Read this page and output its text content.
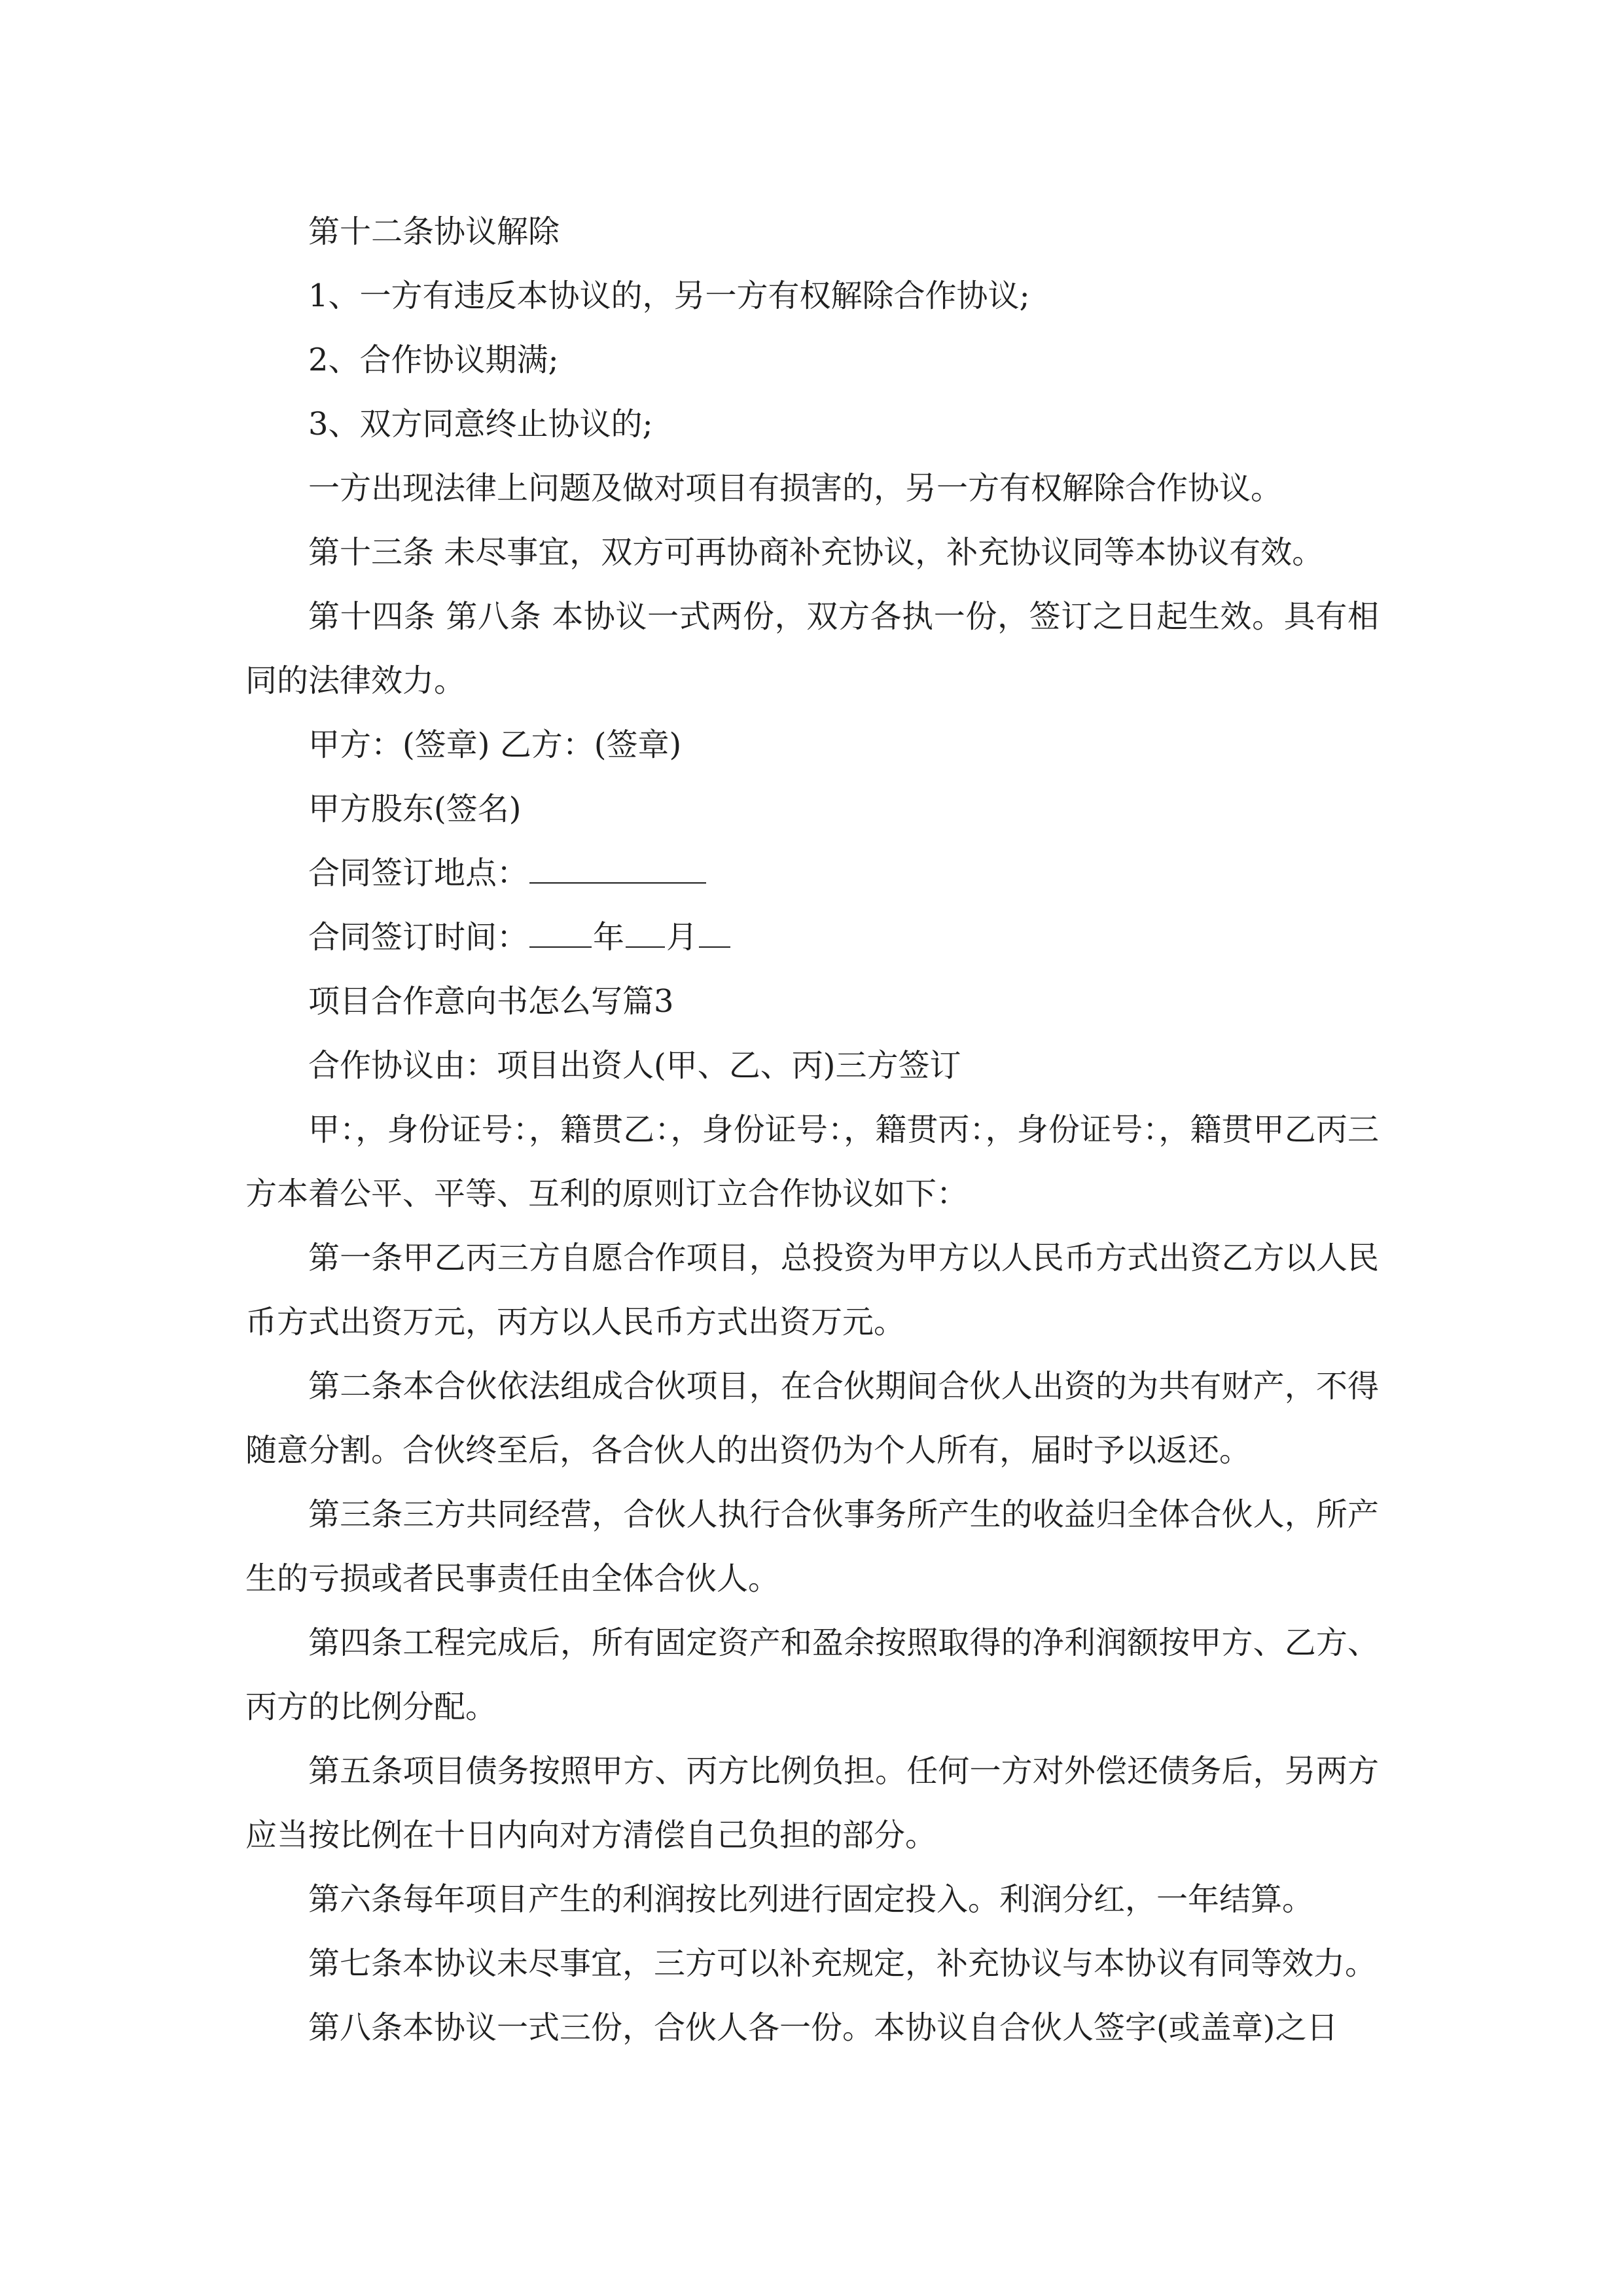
第十二条协议解除

1、一方有违反本协议的，另一方有权解除合作协议;

2、合作协议期满;

3、双方同意终止协议的;

一方出现法律上问题及做对项目有损害的，另一方有权解除合作协议。

第十三条 未尽事宜，双方可再协商补充协议，补充协议同等本协议有效。

第十四条 第八条 本协议一式两份，双方各执一份，签订之日起生效。具有相同的法律效力。

甲方：(签章) 乙方：(签章)

甲方股东(签名)

合同签订地点：

合同签订时间： 年 月

项目合作意向书怎么写篇3

合作协议由：项目出资人(甲、乙、丙)三方签订

甲：，身份证号：，籍贯乙：，身份证号：，籍贯丙：，身份证号：，籍贯甲乙丙三方本着公平、平等、互利的原则订立合作协议如下：

第一条甲乙丙三方自愿合作项目，总投资为甲方以人民币方式出资乙方以人民币方式出资万元，丙方以人民币方式出资万元。

第二条本合伙依法组成合伙项目，在合伙期间合伙人出资的为共有财产，不得随意分割。合伙终至后，各合伙人的出资仍为个人所有，届时予以返还。

第三条三方共同经营，合伙人执行合伙事务所产生的收益归全体合伙人，所产生的亏损或者民事责任由全体合伙人。

第四条工程完成后，所有固定资产和盈余按照取得的净利润额按甲方、乙方、丙方的比例分配。

第五条项目债务按照甲方、丙方比例负担。任何一方对外偿还债务后，另两方应当按比例在十日内向对方清偿自己负担的部分。

第六条每年项目产生的利润按比列进行固定投入。利润分红，一年结算。

第七条本协议未尽事宜，三方可以补充规定，补充协议与本协议有同等效力。

第八条本协议一式三份，合伙人各一份。本协议自合伙人签字(或盖章)之日
